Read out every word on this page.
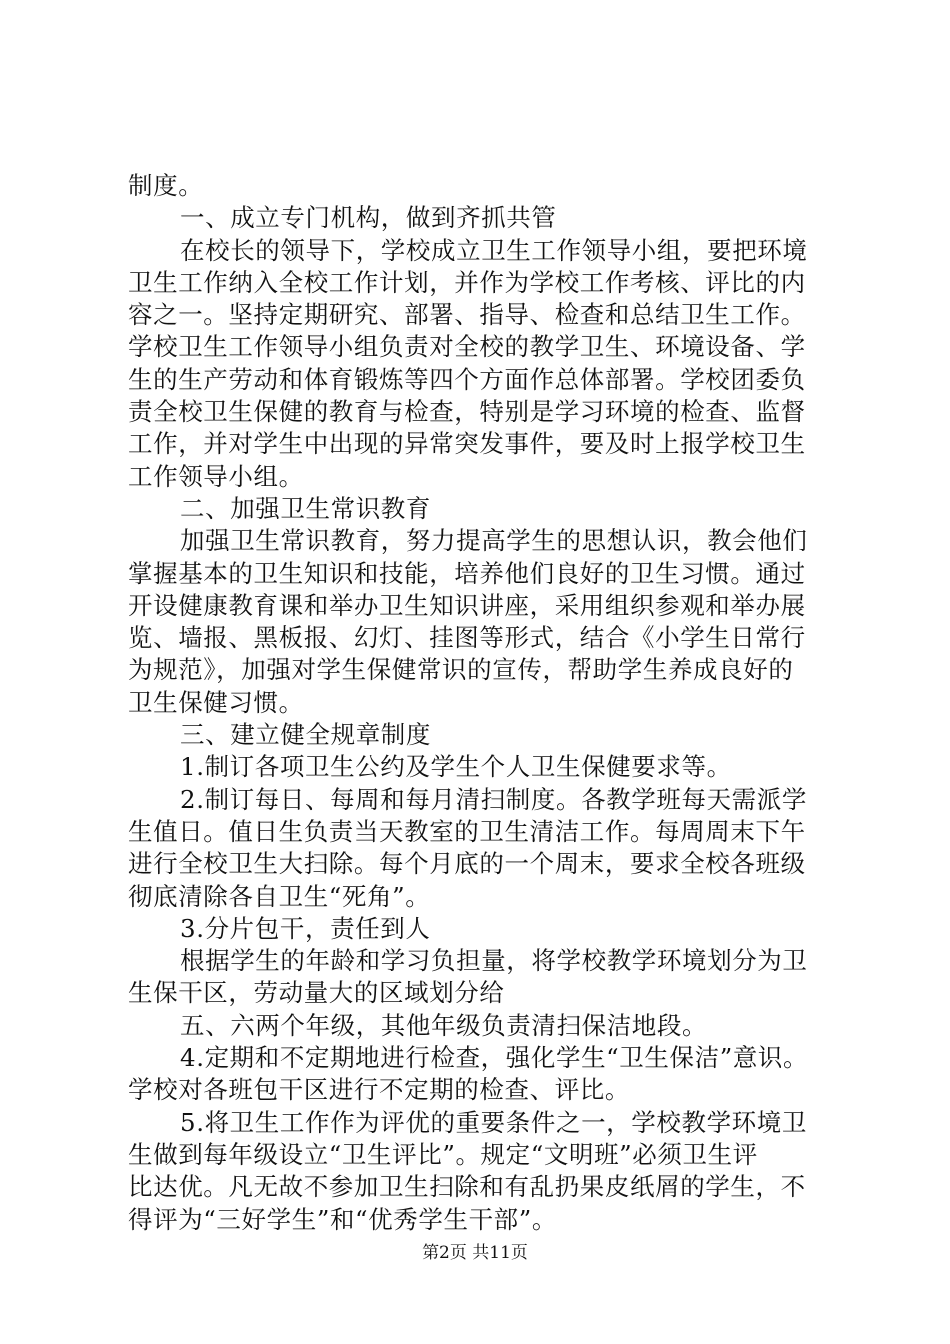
制度。
一、成立专门机构，做到齐抓共管
在校长的领导下，学校成立卫生工作领导小组，要把环境
卫生工作纳入全校工作计划，并作为学校工作考核、评比的内
容之一。坚持定期研究、部署、指导、检查和总结卫生工作。
学校卫生工作领导小组负责对全校的教学卫生、环境设备、学
生的生产劳动和体育锻炼等四个方面作总体部署。学校团委负
责全校卫生保健的教育与检查，特别是学习环境的检查、监督
工作，并对学生中出现的异常突发事件，要及时上报学校卫生
工作领导小组。
二、加强卫生常识教育
加强卫生常识教育，努力提高学生的思想认识，教会他们
掌握基本的卫生知识和技能，培养他们良好的卫生习惯。通过
开设健康教育课和举办卫生知识讲座，采用组织参观和举办展
览、墙报、黑板报、幻灯、挂图等形式，结合《小学生日常行
为规范》，加强对学生保健常识的宣传，帮助学生养成良好的
卫生保健习惯。
三、建立健全规章制度
1.制订各项卫生公约及学生个人卫生保健要求等。
2.制订每日、每周和每月清扫制度。各教学班每天需派学
生值日。值日生负责当天教室的卫生清洁工作。每周周末下午
进行全校卫生大扫除。每个月底的一个周末，要求全校各班级
彻底清除各自卫生“死角”。
3.分片包干，责任到人
根据学生的年龄和学习负担量，将学校教学环境划分为卫
生保干区，劳动量大的区域划分给
五、六两个年级，其他年级负责清扫保洁地段。
4.定期和不定期地进行检查，强化学生“卫生保洁”意识。
学校对各班包干区进行不定期的检查、评比。
5.将卫生工作作为评优的重要条件之一，学校教学环境卫
生做到每年级设立“卫生评比”。规定“文明班”必须卫生评
比达优。凡无故不参加卫生扫除和有乱扔果皮纸屑的学生，不
得评为“三好学生”和“优秀学生干部”。
第2页 共11页
